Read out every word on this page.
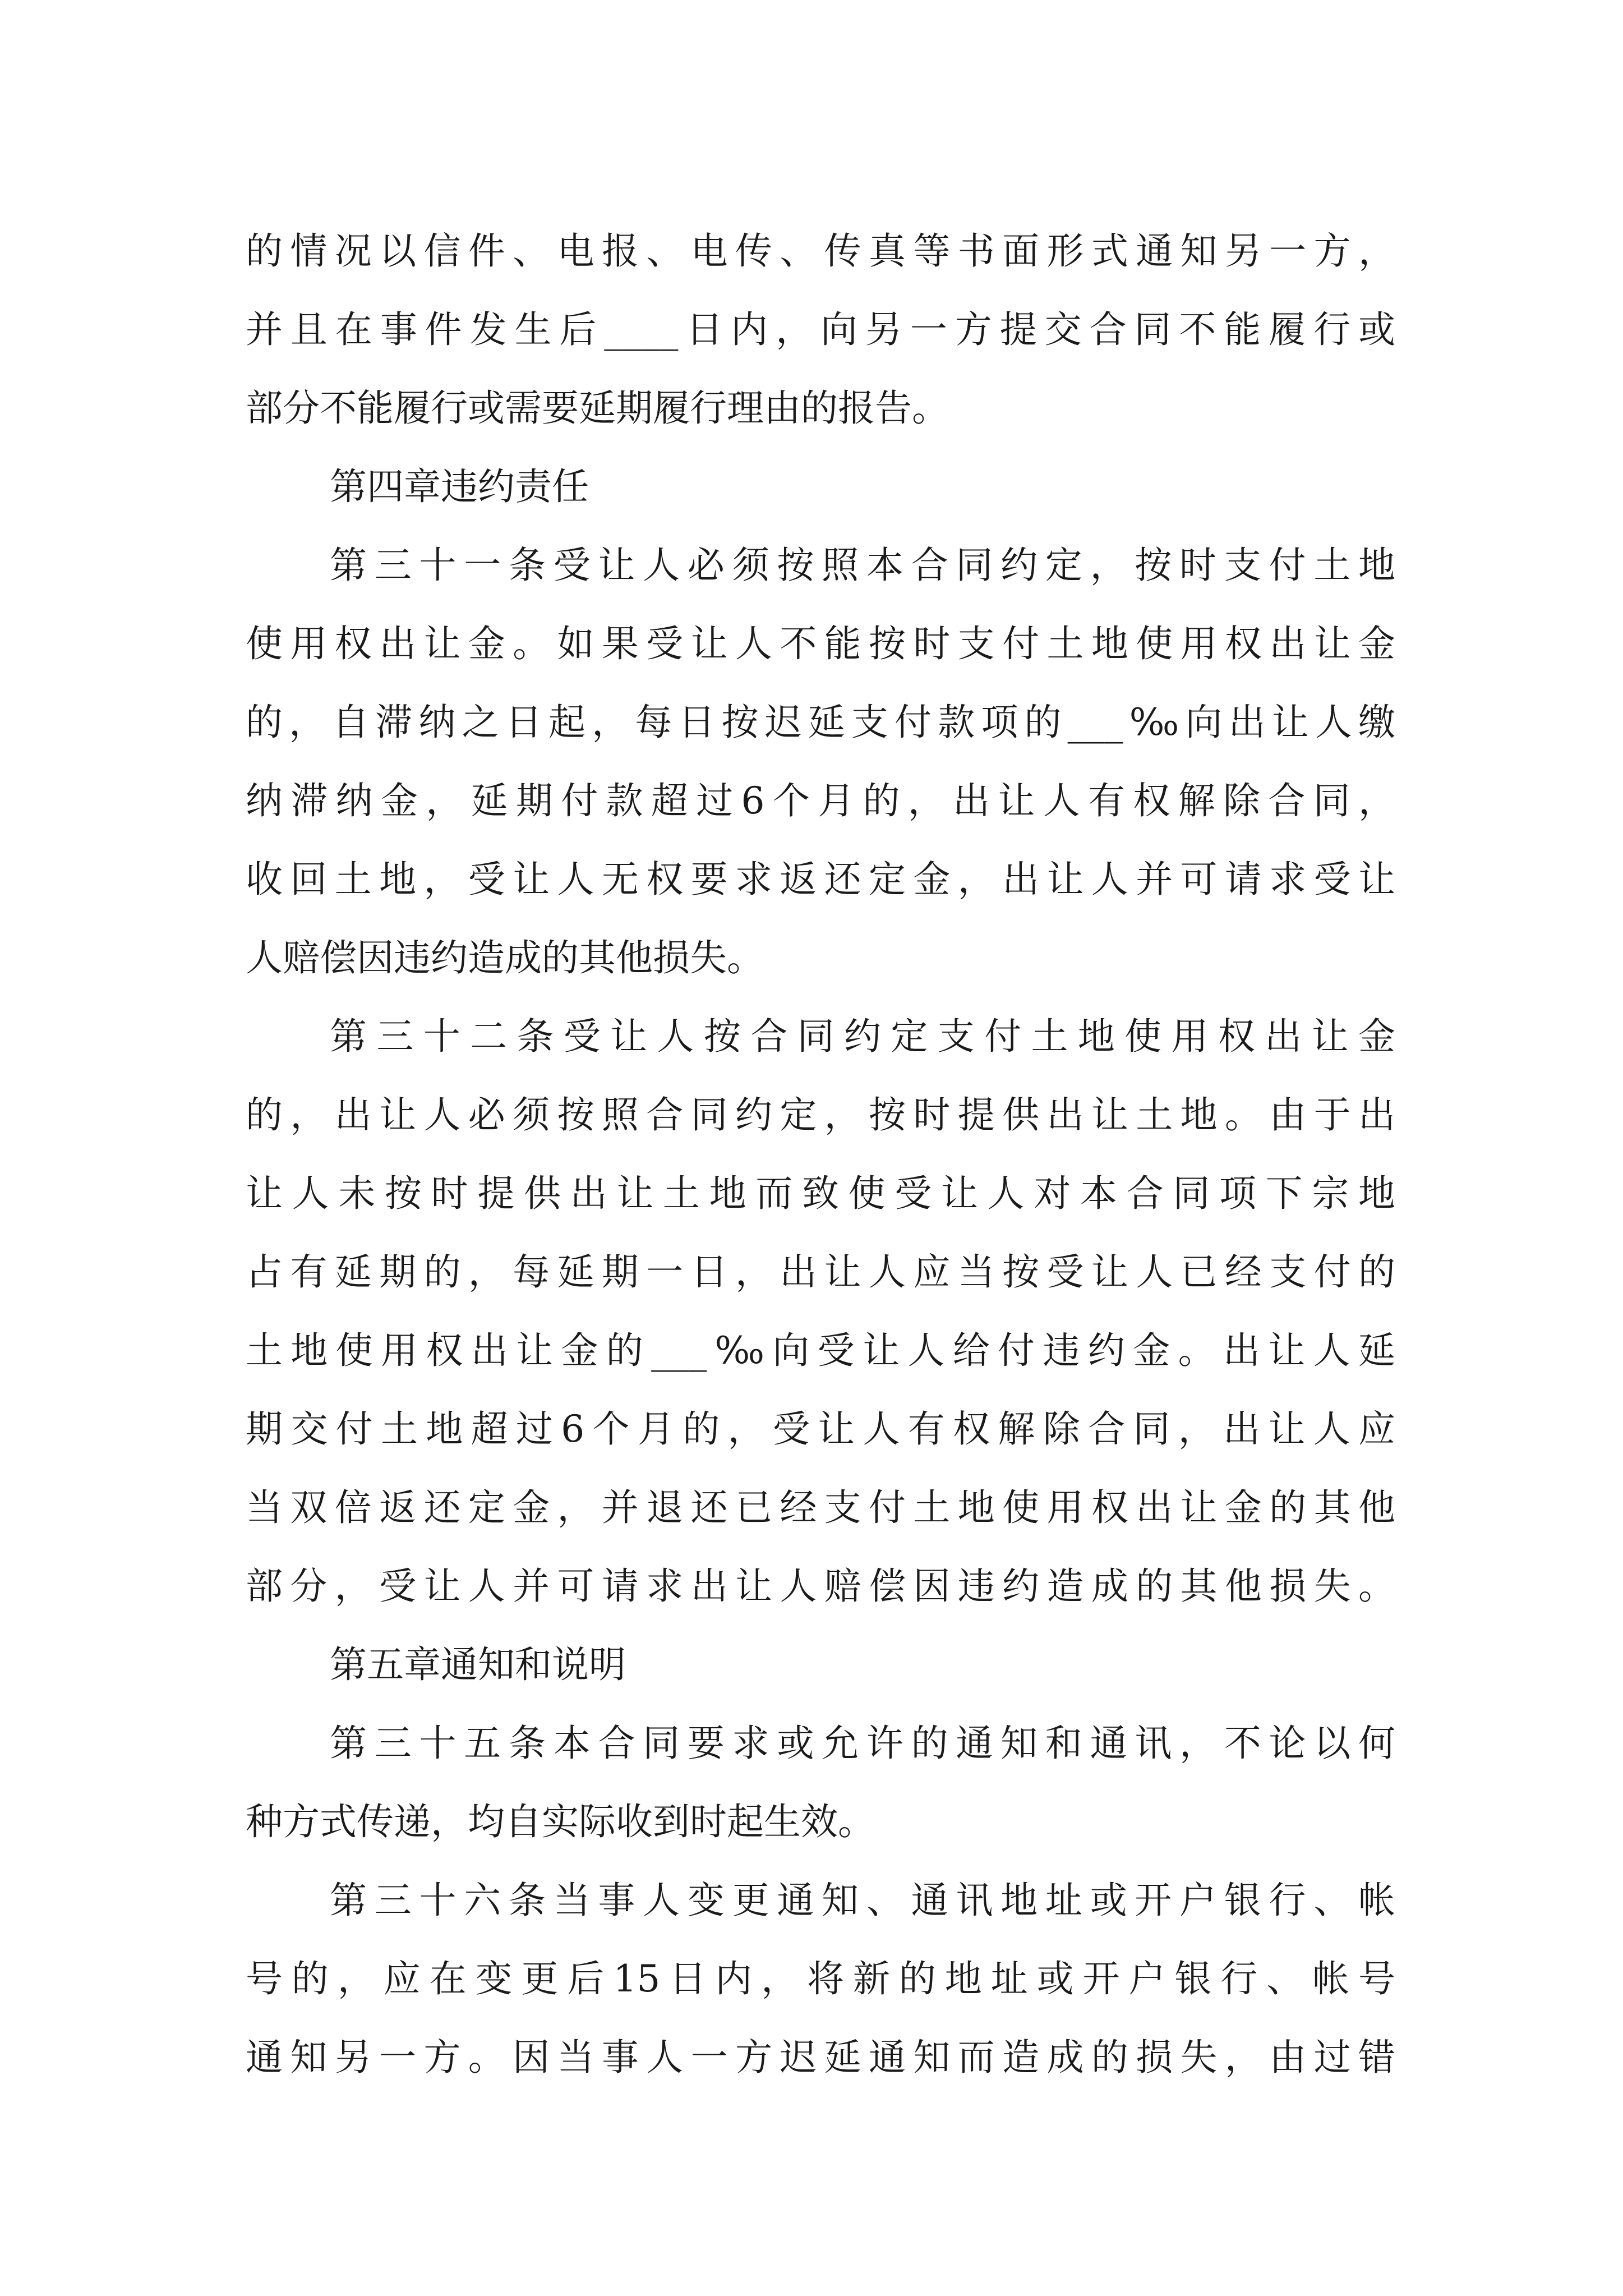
的情况以信件、电报、电传、传真等书面形式通知另一方，
并且在事件发生后____日内，向另一方提交合同不能履行或
部分不能履行或需要延期履行理由的报告。
第四章违约责任
第三十一条受让人必须按照本合同约定，按时支付土地
使用权出让金。如果受让人不能按时支付土地使用权出让金
的，自滞纳之日起，每日按迟延支付款项的___‰向出让人缴
纳滞纳金，延期付款超过6个月的，出让人有权解除合同，
收回土地，受让人无权要求返还定金，出让人并可请求受让
人赔偿因违约造成的其他损失。
第三十二条受让人按合同约定支付土地使用权出让金
的，出让人必须按照合同约定，按时提供出让土地。由于出
让人未按时提供出让土地而致使受让人对本合同项下宗地
占有延期的，每延期一日，出让人应当按受让人已经支付的
土地使用权出让金的___‰向受让人给付违约金。出让人延
期交付土地超过6个月的，受让人有权解除合同，出让人应
当双倍返还定金，并退还已经支付土地使用权出让金的其他
部分，受让人并可请求出让人赔偿因违约造成的其他损失。
第五章通知和说明
第三十五条本合同要求或允许的通知和通讯，不论以何
种方式传递，均自实际收到时起生效。
第三十六条当事人变更通知、通讯地址或开户银行、帐
号的，应在变更后15日内，将新的地址或开户银行、帐号
通知另一方。因当事人一方迟延通知而造成的损失，由过错
